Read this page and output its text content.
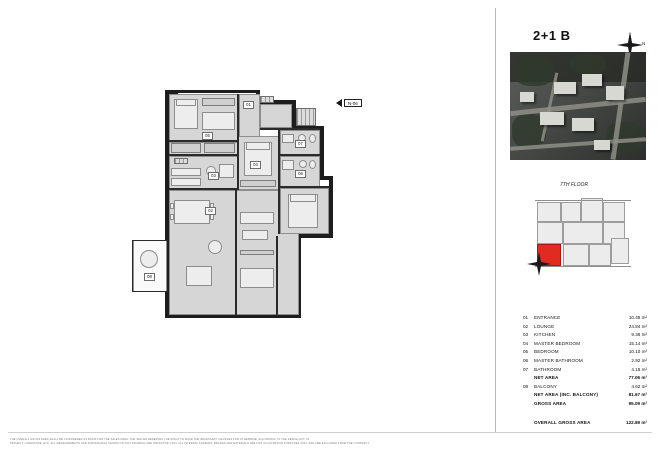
01
02
03
04
05
06
07
08
N-06
2+1 B
N
7TH FLOOR
01	ENTRANCE	10.49 m²
02	LOUNGE	24.84 m²
03	KITCHEN	9.38 m²
04	MASTER BEDROOM	15.14 m²
05	BEDROOM	10.10 m²
06	MASTER BATHROOM	2.92 m²
07	BATHROOM	4.18 m²
NET AREA	77.06 m²
08	BALCONY	4.62 m²
NET AREA (INC. BALCONY)	81.67 m²
GROSS AREA	95.09 m²
OVERALL GROSS AREA	122.89 m²
THE OVERALL GROSS AREA SHALL BE CONSIDERED AS BASIS FOR THE SALES AREA. THE SELLER RESERVES THE RIGHT TO MAKE THE NECESSARY CHANGES FOR OTHERWISE, ACCORDING TO THE DESIGN ACT, IN
PROJECT, LANDSCAPE, ETC. ALL MEASUREMENTS AND FURNISHINGS SHOWN ON THIS DRAWING ARE INDICATIVE ONLY. ALL INTERNAL FINISHES, BRANDS AND MATERIALS ARE FOR ILLUSTRATIVE PURPOSES ONLY AND ARE EXCLUDED FROM THE CONTRACT.
